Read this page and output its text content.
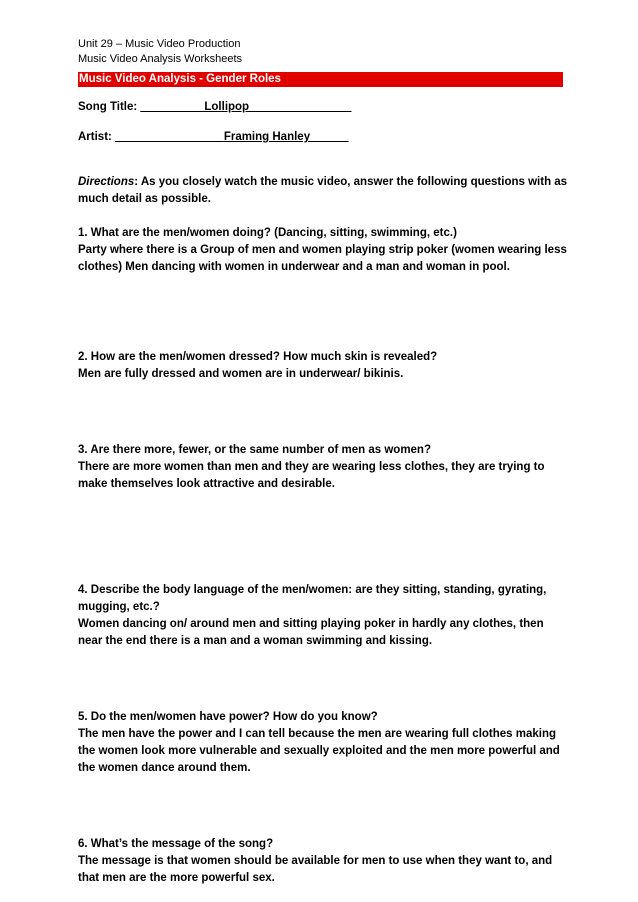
Unit 29 – Music Video Production
Music Video Analysis Worksheets
Music Video Analysis - Gender Roles
Song Title: __________Lollipop________________
Artist: _________________Framing Hanley______
Directions: As you closely watch the music video, answer the following questions with as much detail as possible.
1. What are the men/women doing? (Dancing, sitting, swimming, etc.)
Party where there is a Group of men and women playing strip poker (women wearing less clothes) Men dancing with women in underwear and a man and woman in pool.
2. How are the men/women dressed? How much skin is revealed?
Men are fully dressed and women are in underwear/ bikinis.
3. Are there more, fewer, or the same number of men as women?
There are more women than men and they are wearing less clothes, they are trying to make themselves look attractive and desirable.
4. Describe the body language of the men/women: are they sitting, standing, gyrating, mugging, etc.?
Women dancing on/ around men and sitting playing poker in hardly any clothes, then near the end there is a man and a woman swimming and kissing.
5. Do the men/women have power? How do you know?
The men have the power and I can tell because the men are wearing full clothes making the women look more vulnerable and sexually exploited and the men more powerful and the women dance around them.
6. What’s the message of the song?
The message is that women should be available for men to use when they want to, and that men are the more powerful sex.
